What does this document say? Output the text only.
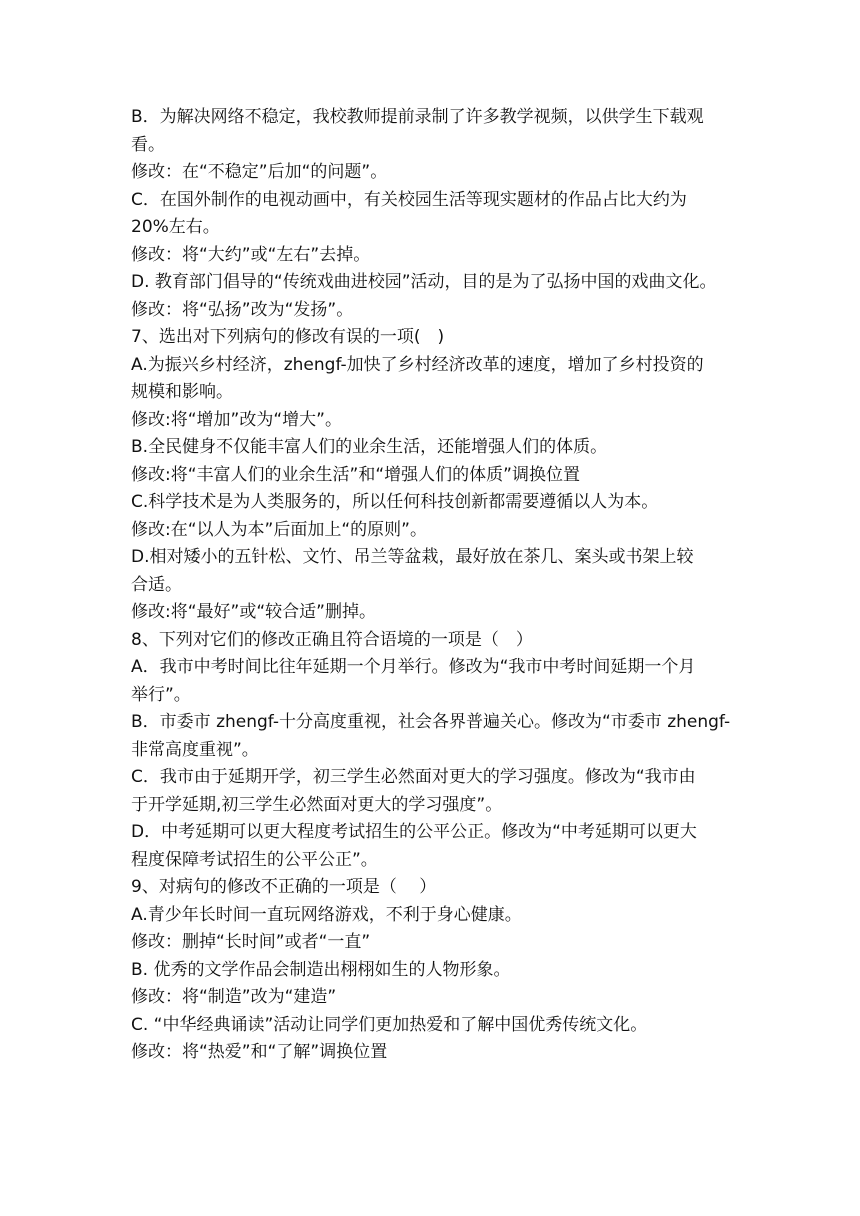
B．为解决网络不稳定，我校教师提前录制了许多教学视频，以供学生下载观
看。
修改：在“不稳定”后加“的问题”。
C．在国外制作的电视动画中，有关校园生活等现实题材的作品占比大约为
20%左右。
修改：将“大约”或“左右”去掉。
D. 教育部门倡导的“传统戏曲进校园”活动，目的是为了弘扬中国的戏曲文化。
修改：将“弘扬”改为“发扬”。
7、选出对下列病句的修改有误的一项(　)
A.为振兴乡村经济，zhengf-加快了乡村经济改革的速度，增加了乡村投资的
规模和影响。
修改:将“增加”改为“增大”。
B.全民健身不仅能丰富人们的业余生活，还能增强人们的体质。
修改:将“丰富人们的业余生活”和“增强人们的体质”调换位置
C.科学技术是为人类服务的，所以任何科技创新都需要遵循以人为本。
修改:在“以人为本”后面加上“的原则”。
D.相对矮小的五针松、文竹、吊兰等盆栽，最好放在茶几、案头或书架上较
合适。
修改:将“最好”或“较合适”删掉。
8、下列对它们的修改正确且符合语境的一项是（　）
A．我市中考时间比往年延期一个月举行。修改为“我市中考时间延期一个月
举行”。
B．市委市 zhengf-十分高度重视，社会各界普遍关心。修改为“市委市 zhengf-
非常高度重视”。
C．我市由于延期开学，初三学生必然面对更大的学习强度。修改为“我市由
于开学延期,初三学生必然面对更大的学习强度”。
D．中考延期可以更大程度考试招生的公平公正。修改为“中考延期可以更大
程度保障考试招生的公平公正”。
9、对病句的修改不正确的一项是（　 ）
A.青少年长时间一直玩网络游戏，不利于身心健康。
修改：删掉“长时间”或者“一直”
B. 优秀的文学作品会制造出栩栩如生的人物形象。
修改：将“制造”改为“建造”
C. “中华经典诵读”活动让同学们更加热爱和了解中国优秀传统文化。
修改：将“热爱”和“了解”调换位置
